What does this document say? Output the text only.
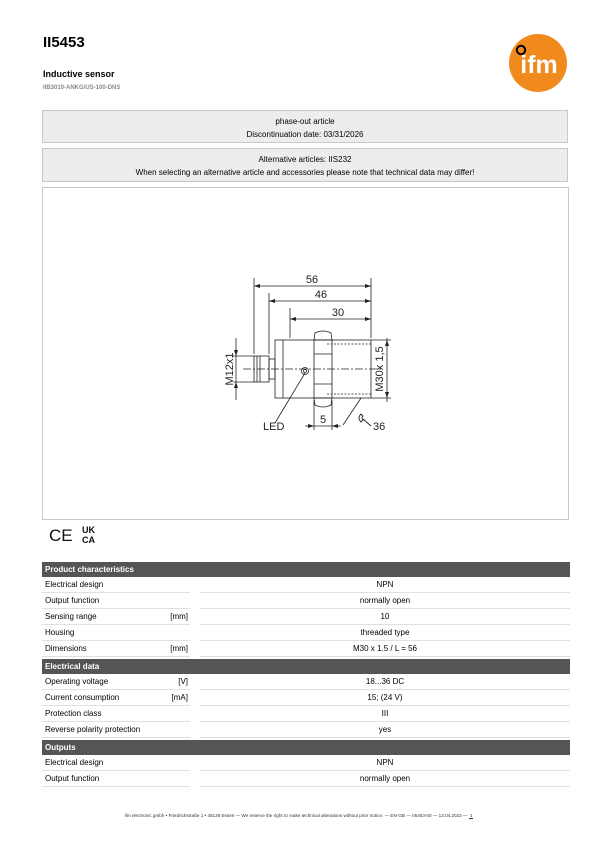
II5453
Inductive sensor
IIB3010-ANKG/US-100-DNS
ifm
phase-out article
Discontinuation date: 03/31/2026
Alternative articles: IIS232
When selecting an alternative article and accessories please note that technical data may differ!
56
46
30
M12x1	M30x 1,5
5
36
LED
CE UK
CA
Product characteristics
Electrical design	NPN
Output function	normally open
Sensing range	[mm]	10
Housing	threaded type
Dimensions	[mm]	M30 x 1.5 / L = 56
Electrical data
Operating voltage	[V]	18...36 DC
Current consumption	[mA]	15; (24 V)
Protection class	III
Reverse polarity protection	yes
Outputs
Electrical design	NPN
Output function	normally open
ifm electronic gmbh • Friedrichstraße 1 • 45128 Essen — We reserve the right to make technical alterations without prior notice. — EN-GB — II5453-00 — 13.04.2023 — 1
